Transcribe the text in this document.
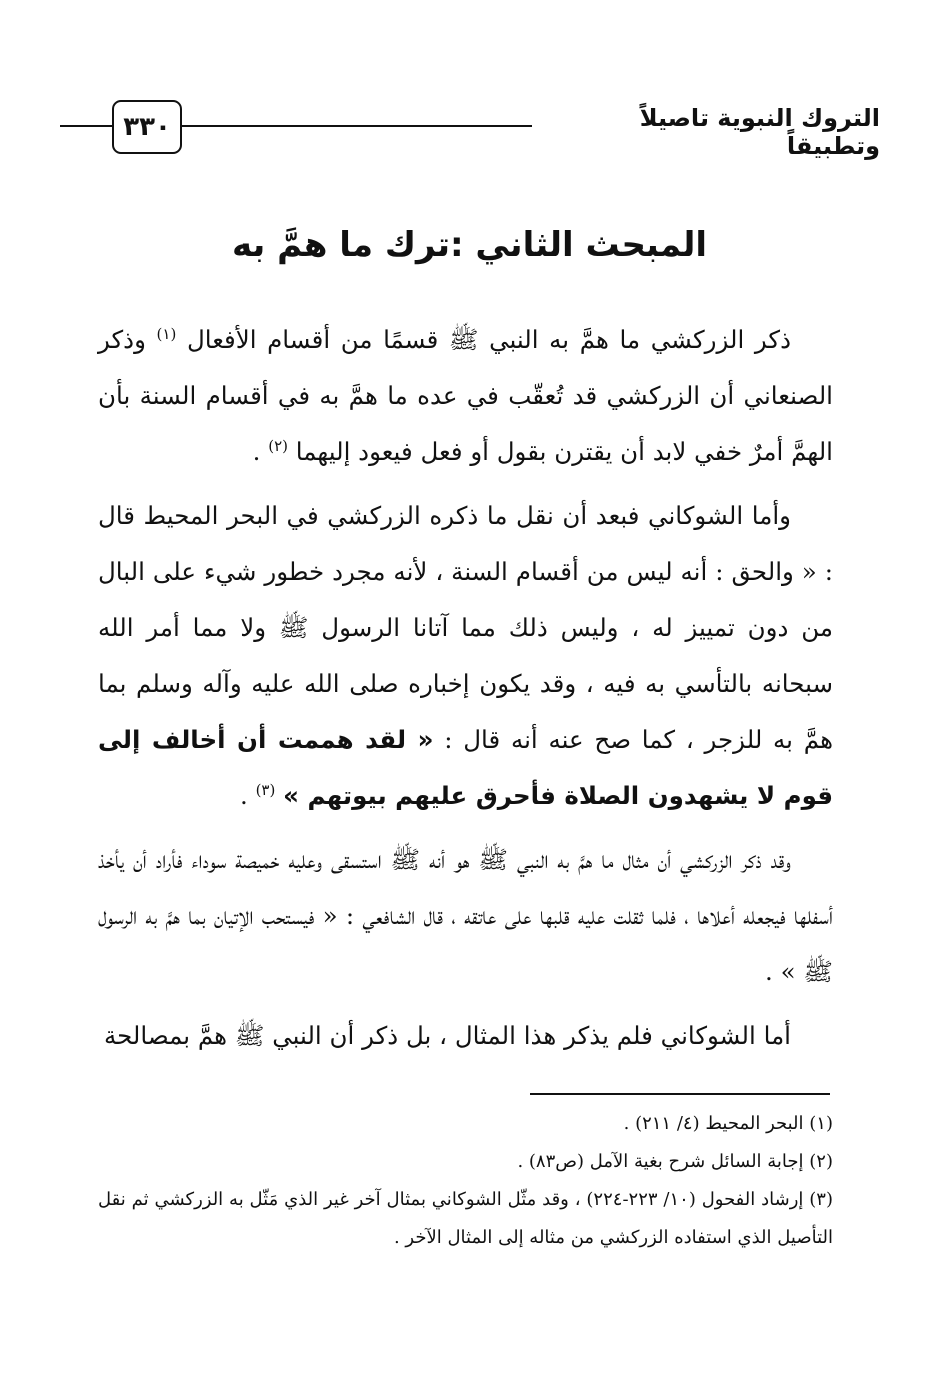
٣٣٠	التروك النبوية تاصيلاً وتطبيقاً
المبحث الثاني :ترك ما همَّ به

ذكر الزركشي ما همَّ به النبي ﷺ قسمًا من أقسام الأفعال $^{(١)}$ وذكر الصنعاني أن الزركشي قد تُعقّب في عده ما همَّ به في أقسام السنة بأن الهمَّ أمرٌ خفي لابد أن يقترن بقول أو فعل فيعود إليهما $^{(٢)}$ .

وأما الشوكاني فبعد أن نقل ما ذكره الزركشي في البحر المحيط قال : « والحق : أنه ليس من أقسام السنة ، لأنه مجرد خطور شيء على البال من دون تمييز له ، وليس ذلك مما آتانا الرسول ﷺ ولا مما أمر الله سبحانه بالتأسي به فيه ، وقد يكون إخباره صلى الله عليه وآله وسلم بما همَّ به للزجر ، كما صح عنه أنه قال : « لقد هممت أن أخالف إلى قوم لا يشهدون الصلاة فأحرق عليهم بيوتهم » $^{(٣)}$ .

وقد ذكر الزركشي أن مثال ما همَّ به النبي ﷺ هو أنه ﷺ استسقى وعليه خميصة سوداء فأراد أن يأخذ أسفلها فيجعله أعلاها ، فلما ثقلت عليه قلبها على عاتقه ، قال الشافعي : « فيستحب الإتيان بما همَّ به الرسول ﷺ » .

أما الشوكاني فلم يذكر هذا المثال ، بل ذكر أن النبي ﷺ همَّ بمصالحة

(١) البحر المحيط (٤/ ٢١١) .

(٢) إجابة السائل شرح بغية الآمل (ص٨٣) .

(٣) إرشاد الفحول (١٠/ ٢٢٣-٢٢٤) ، وقد مثّل الشوكاني بمثال آخر غير الذي مَثّل به الزركشي ثم نقل التأصيل الذي استفاده الزركشي من مثاله إلى المثال الآخر .
